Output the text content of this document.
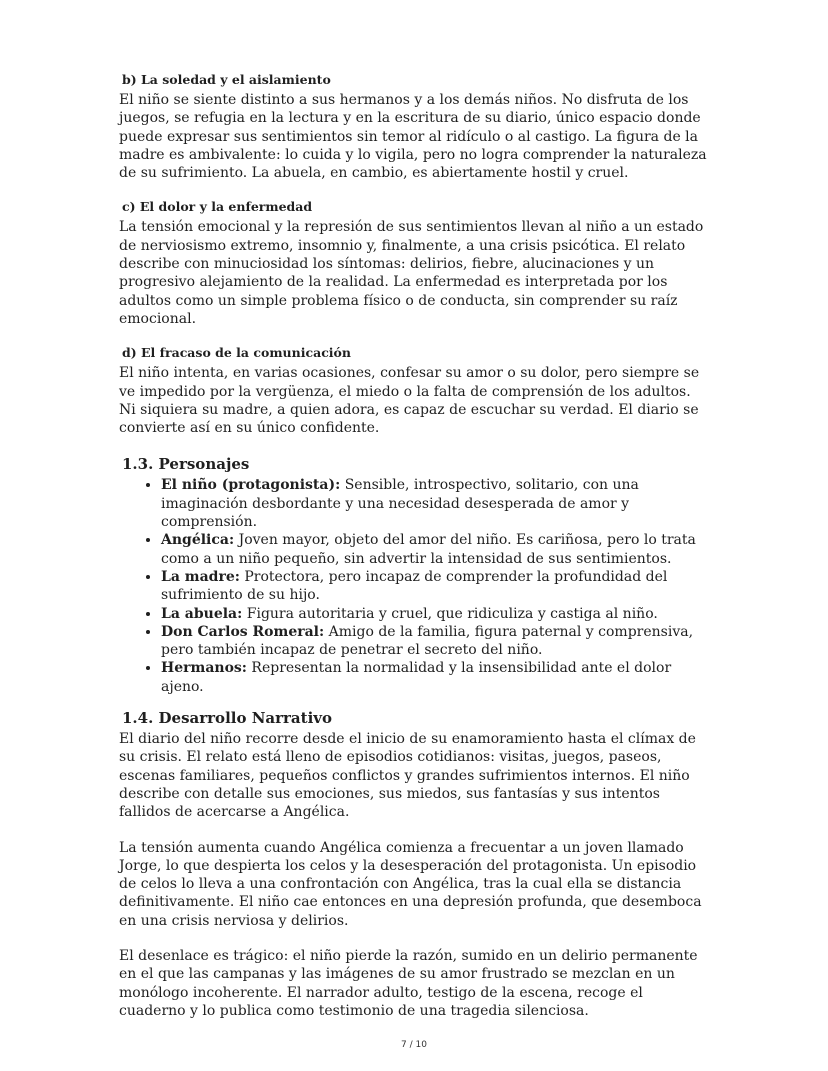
b) La soledad y el aislamiento

El niño se siente distinto a sus hermanos y a los demás niños. No disfruta de los juegos, se refugia en la lectura y en la escritura de su diario, único espacio donde puede expresar sus sentimientos sin temor al ridículo o al castigo. La figura de la madre es ambivalente: lo cuida y lo vigila, pero no logra comprender la naturaleza de su sufrimiento. La abuela, en cambio, es abiertamente hostil y cruel.

c) El dolor y la enfermedad

La tensión emocional y la represión de sus sentimientos llevan al niño a un estado de nerviosismo extremo, insomnio y, finalmente, a una crisis psicótica. El relato describe con minuciosidad los síntomas: delirios, fiebre, alucinaciones y un progresivo alejamiento de la realidad. La enfermedad es interpretada por los adultos como un simple problema físico o de conducta, sin comprender su raíz emocional.

d) El fracaso de la comunicación

El niño intenta, en varias ocasiones, confesar su amor o su dolor, pero siempre se ve impedido por la vergüenza, el miedo o la falta de comprensión de los adultos. Ni siquiera su madre, a quien adora, es capaz de escuchar su verdad. El diario se convierte así en su único confidente.

1.3. Personajes
• El niño (protagonista): Sensible, introspectivo, solitario, con una imaginación desbordante y una necesidad desesperada de amor y comprensión.
• Angélica: Joven mayor, objeto del amor del niño. Es cariñosa, pero lo trata como a un niño pequeño, sin advertir la intensidad de sus sentimientos.
• La madre: Protectora, pero incapaz de comprender la profundidad del sufrimiento de su hijo.
• La abuela: Figura autoritaria y cruel, que ridiculiza y castiga al niño.
• Don Carlos Romeral: Amigo de la familia, figura paternal y comprensiva, pero también incapaz de penetrar el secreto del niño.
• Hermanos: Representan la normalidad y la insensibilidad ante el dolor ajeno.
1.4. Desarrollo Narrativo

El diario del niño recorre desde el inicio de su enamoramiento hasta el clímax de su crisis. El relato está lleno de episodios cotidianos: visitas, juegos, paseos, escenas familiares, pequeños conflictos y grandes sufrimientos internos. El niño describe con detalle sus emociones, sus miedos, sus fantasías y sus intentos fallidos de acercarse a Angélica.

La tensión aumenta cuando Angélica comienza a frecuentar a un joven llamado Jorge, lo que despierta los celos y la desesperación del protagonista. Un episodio de celos lo lleva a una confrontación con Angélica, tras la cual ella se distancia definitivamente. El niño cae entonces en una depresión profunda, que desemboca en una crisis nerviosa y delirios.

El desenlace es trágico: el niño pierde la razón, sumido en un delirio permanente en el que las campanas y las imágenes de su amor frustrado se mezclan en un monólogo incoherente. El narrador adulto, testigo de la escena, recoge el cuaderno y lo publica como testimonio de una tragedia silenciosa.

7 / 10
